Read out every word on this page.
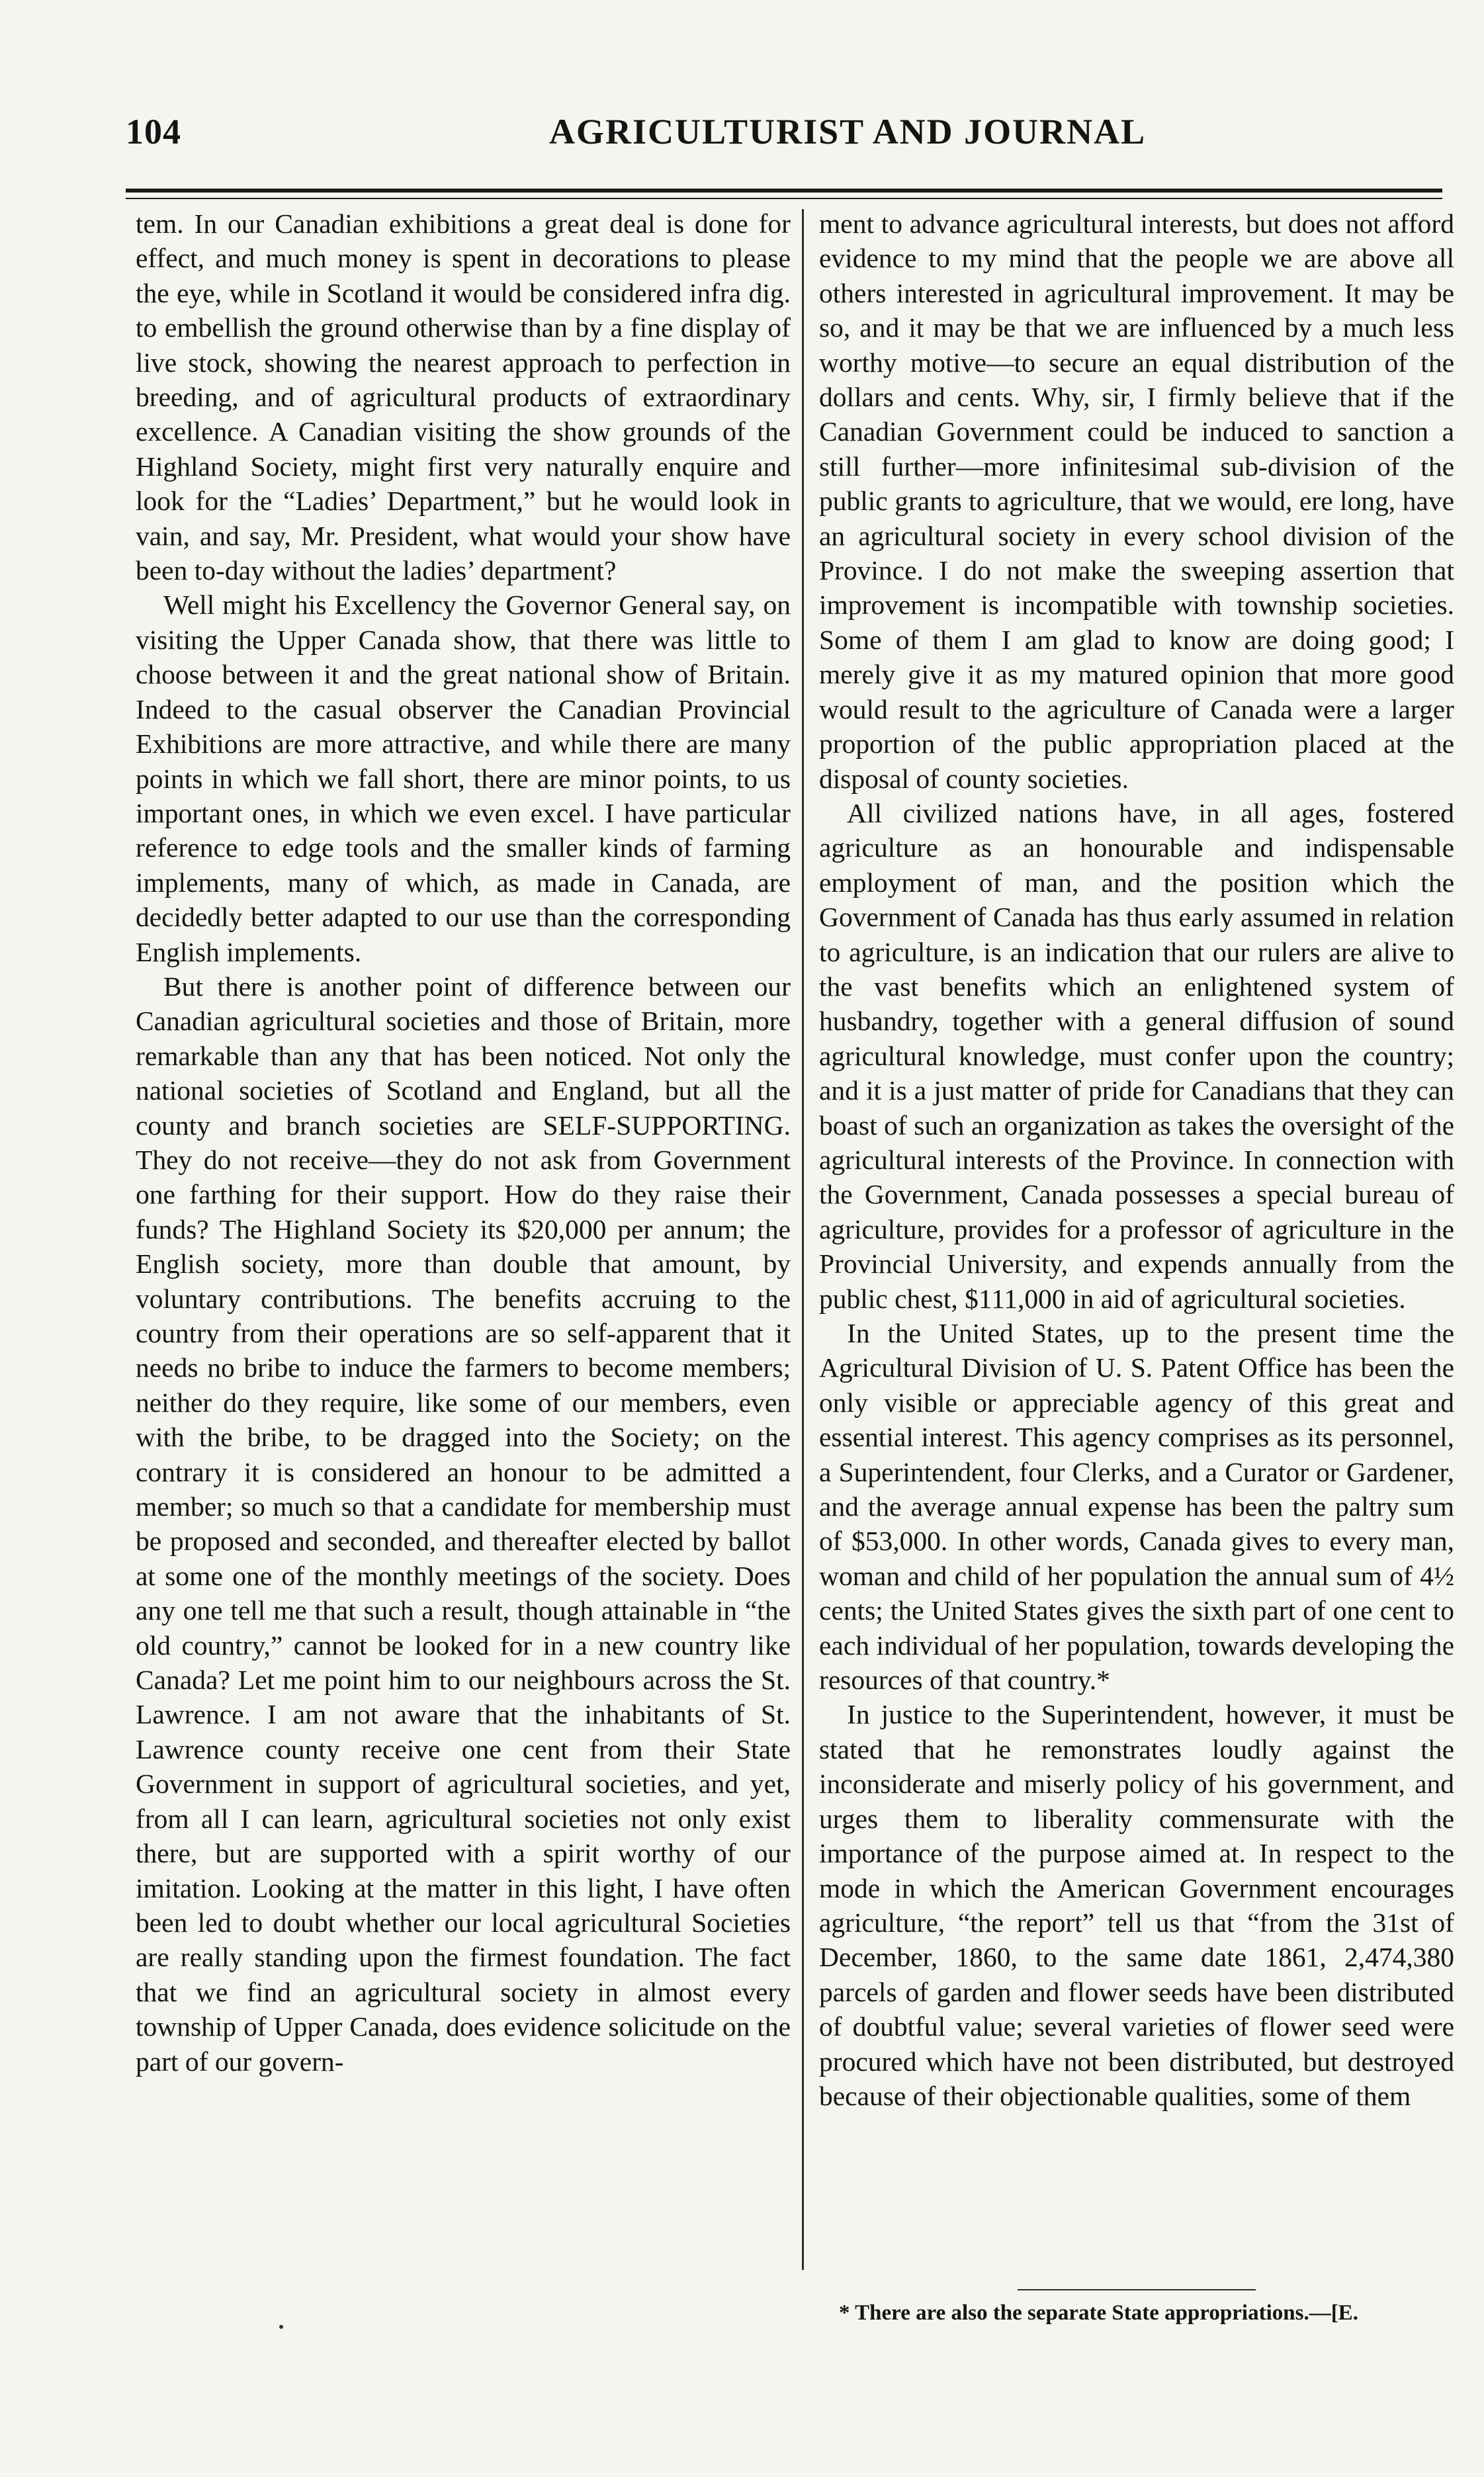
104	AGRICULTURIST AND JOURNAL

tem. In our Canadian exhibitions a great deal is done for effect, and much money is spent in decorations to please the eye, while in Scotland it would be considered infra dig. to embellish the ground otherwise than by a fine display of live stock, showing the nearest approach to perfection in breeding, and of agricultural products of extraordinary excellence. A Canadian visiting the show grounds of the Highland Society, might first very naturally enquire and look for the “Ladies’ Department,” but he would look in vain, and say, Mr. President, what would your show have been to-day without the ladies’ department?

Well might his Excellency the Governor General say, on visiting the Upper Canada show, that there was little to choose between it and the great national show of Britain. Indeed to the casual observer the Canadian Provincial Exhibitions are more attractive, and while there are many points in which we fall short, there are minor points, to us important ones, in which we even excel. I have particular reference to edge tools and the smaller kinds of farming implements, many of which, as made in Canada, are decidedly better adapted to our use than the corresponding English implements.

But there is another point of difference between our Canadian agricultural societies and those of Britain, more remarkable than any that has been noticed. Not only the national societies of Scotland and England, but all the county and branch societies are SELF-SUPPORTING. They do not receive—they do not ask from Government one farthing for their support. How do they raise their funds? The Highland Society its $20,000 per annum; the English society, more than double that amount, by voluntary contributions. The benefits accruing to the country from their operations are so self-apparent that it needs no bribe to induce the farmers to become members; neither do they require, like some of our members, even with the bribe, to be dragged into the Society; on the contrary it is considered an honour to be admitted a member; so much so that a candidate for membership must be proposed and seconded, and thereafter elected by ballot at some one of the monthly meetings of the society. Does any one tell me that such a result, though attainable in “the old country,” cannot be looked for in a new country like Canada? Let me point him to our neighbours across the St. Lawrence. I am not aware that the inhabitants of St. Lawrence county receive one cent from their State Government in support of agricultural societies, and yet, from all I can learn, agricultural societies not only exist there, but are supported with a spirit worthy of our imitation. Looking at the matter in this light, I have often been led to doubt whether our local agricultural Societies are really standing upon the firmest foundation. The fact that we find an agricultural society in almost every township of Upper Canada, does evidence solicitude on the part of our govern-

ment to advance agricultural interests, but does not afford evidence to my mind that the people we are above all others interested in agricultural improvement. It may be so, and it may be that we are influenced by a much less worthy motive—to secure an equal distribution of the dollars and cents. Why, sir, I firmly believe that if the Canadian Government could be induced to sanction a still further—more infinitesimal sub-division of the public grants to agriculture, that we would, ere long, have an agricultural society in every school division of the Province. I do not make the sweeping assertion that improvement is incompatible with township societies. Some of them I am glad to know are doing good; I merely give it as my matured opinion that more good would result to the agriculture of Canada were a larger proportion of the public appropriation placed at the disposal of county societies.

All civilized nations have, in all ages, fostered agriculture as an honourable and indispensable employment of man, and the position which the Government of Canada has thus early assumed in relation to agriculture, is an indication that our rulers are alive to the vast benefits which an enlightened system of husbandry, together with a general diffusion of sound agricultural knowledge, must confer upon the country; and it is a just matter of pride for Canadians that they can boast of such an organization as takes the oversight of the agricultural interests of the Province. In connection with the Government, Canada possesses a special bureau of agriculture, provides for a professor of agriculture in the Provincial University, and expends annually from the public chest, $111,000 in aid of agricultural societies.

In the United States, up to the present time the Agricultural Division of U. S. Patent Office has been the only visible or appreciable agency of this great and essential interest. This agency comprises as its personnel, a Superintendent, four Clerks, and a Curator or Gardener, and the average annual expense has been the paltry sum of $53,000. In other words, Canada gives to every man, woman and child of her population the annual sum of 4½ cents; the United States gives the sixth part of one cent to each individual of her population, towards developing the resources of that country.*

In justice to the Superintendent, however, it must be stated that he remonstrates loudly against the inconsiderate and miserly policy of his government, and urges them to liberality commensurate with the importance of the purpose aimed at. In respect to the mode in which the American Government encourages agriculture, “the report” tell us that “from the 31st of December, 1860, to the same date 1861, 2,474,380 parcels of garden and flower seeds have been distributed of doubtful value; several varieties of flower seed were procured which have not been distributed, but destroyed because of their objectionable qualities, some of them

* There are also the separate State appropriations.—[E.
